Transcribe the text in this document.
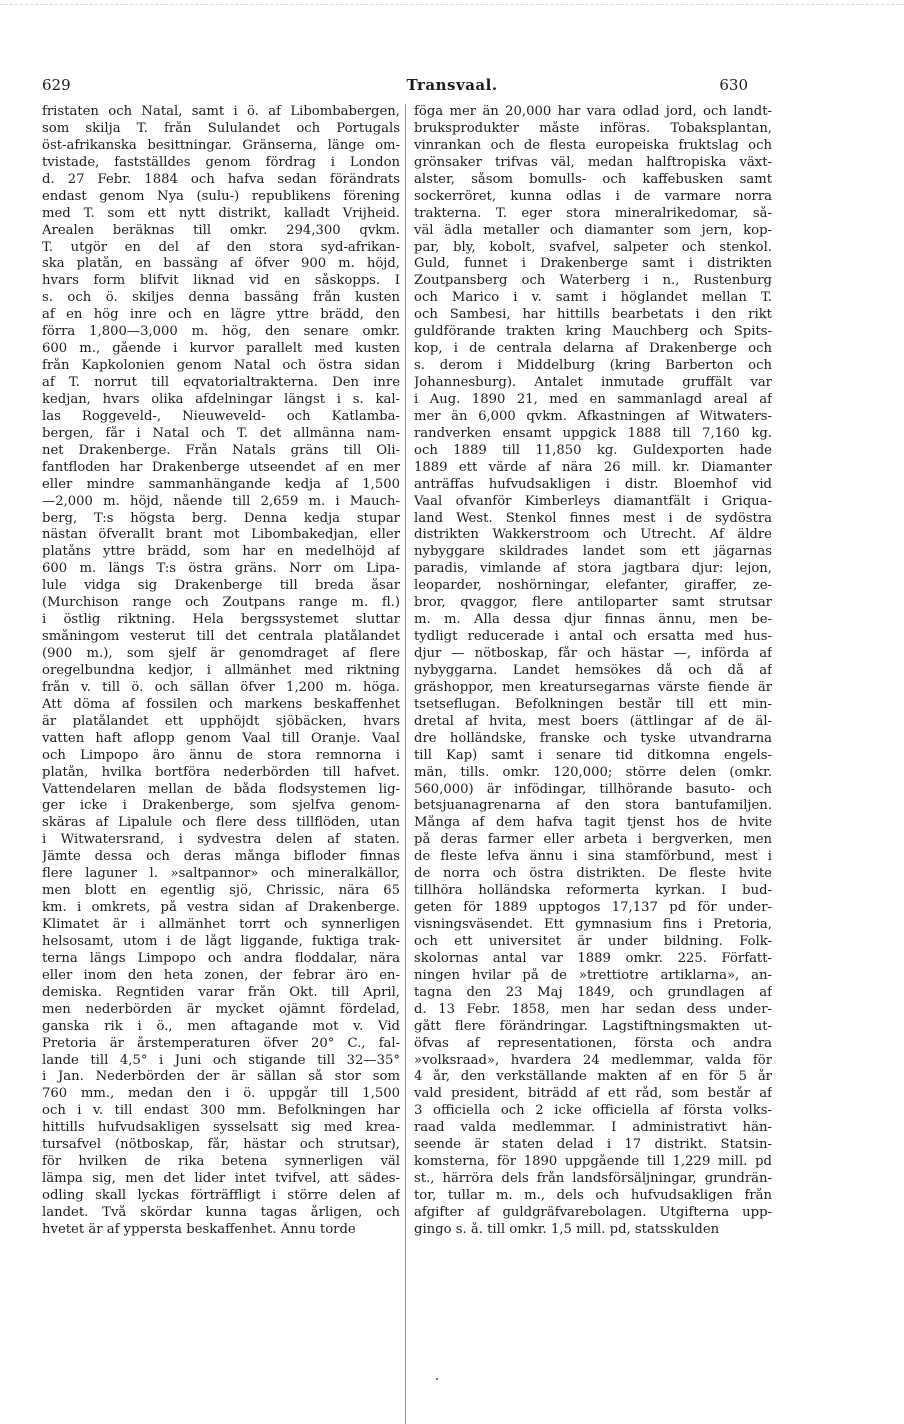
629	Transvaal.	630
fristaten och Natal, samt i ö. af Libombabergen,
som skilja T. från Sululandet och Portugals
öst-afrikanska besittningar. Gränserna, länge om-
tvistade, fastställdes genom fördrag i London
d. 27 Febr. 1884 och hafva sedan förändrats
endast genom Nya (sulu-) republikens förening
med T. som ett nytt distrikt, kalladt Vrijheid.
Arealen beräknas till omkr. 294,300 qvkm.
T. utgör en del af den stora syd-afrikan-
ska platån, en bassäng af öfver 900 m. höjd,
hvars form blifvit liknad vid en såskopps. I
s. och ö. skiljes denna bassäng från kusten
af en hög inre och en lägre yttre brädd, den
förra 1,800—3,000 m. hög, den senare omkr.
600 m., gående i kurvor parallelt med kusten
från Kapkolonien genom Natal och östra sidan
af T. norrut till eqvatorialtrakterna. Den inre
kedjan, hvars olika afdelningar längst i s. kal-
las Roggeveld-, Nieuweveld- och Katlamba-
bergen, får i Natal och T. det allmänna nam-
net Drakenberge. Från Natals gräns till Oli-
fantfloden har Drakenberge utseendet af en mer
eller mindre sammanhängande kedja af 1,500
—2,000 m. höjd, nående till 2,659 m. i Mauch-
berg, T:s högsta berg. Denna kedja stupar
nästan öfverallt brant mot Libombakedjan, eller
platåns yttre brädd, som har en medelhöjd af
600 m. längs T:s östra gräns. Norr om Lipa-
lule vidga sig Drakenberge till breda åsar
(Murchison range och Zoutpans range m. fl.)
i östlig riktning. Hela bergssystemet sluttar
småningom vesterut till det centrala platålandet
(900 m.), som sjelf är genomdraget af flere
oregelbundna kedjor, i allmänhet med riktning
från v. till ö. och sällan öfver 1,200 m. höga.
Att döma af fossilen och markens beskaffenhet
är platålandet ett upphöjdt sjöbäcken, hvars
vatten haft aflopp genom Vaal till Oranje. Vaal
och Limpopo äro ännu de stora remnorna i
platån, hvilka bortföra nederbörden till hafvet.
Vattendelaren mellan de båda flodsystemen lig-
ger icke i Drakenberge, som sjelfva genom-
skäras af Lipalule och flere dess tillflöden, utan
i Witwatersrand, i sydvestra delen af staten.
Jämte dessa och deras många bifloder finnas
flere laguner l. »saltpannor» och mineralkällor,
men blott en egentlig sjö, Chrissic, nära 65
km. i omkrets, på vestra sidan af Drakenberge.
Klimatet är i allmänhet torrt och synnerligen
helsosamt, utom i de lågt liggande, fuktiga trak-
terna längs Limpopo och andra floddalar, nära
eller inom den heta zonen, der febrar äro en-
demiska. Regntiden varar från Okt. till April,
men nederbörden är mycket ojämnt fördelad,
ganska rik i ö., men aftagande mot v. Vid
Pretoria är årstemperaturen öfver 20° C., fal-
lande till 4,5° i Juni och stigande till 32—35°
i Jan. Nederbörden der är sällan så stor som
760 mm., medan den i ö. uppgår till 1,500
och i v. till endast 300 mm. Befolkningen har
hittills hufvudsakligen sysselsatt sig med krea-
tursafvel (nötboskap, får, hästar och strutsar),
för hvilken de rika betena synnerligen väl
lämpa sig, men det lider intet tvifvel, att sädes-
odling skall lyckas förträffligt i större delen af
landet. Två skördar kunna tagas årligen, och
hvetet är af yppersta beskaffenhet. Ännu torde
föga mer än 20,000 har vara odlad jord, och landt-
bruksprodukter måste införas. Tobaksplantan,
vinrankan och de flesta europeiska fruktslag och
grönsaker trifvas väl, medan halftropiska växt-
alster, såsom bomulls- och kaffebusken samt
sockerröret, kunna odlas i de varmare norra
trakterna. T. eger stora mineralrikedomar, så-
väl ädla metaller och diamanter som jern, kop-
par, bly, kobolt, svafvel, salpeter och stenkol.
Guld, funnet i Drakenberge samt i distrikten
Zoutpansberg och Waterberg i n., Rustenburg
och Marico i v. samt i höglandet mellan T.
och Sambesi, har hittills bearbetats i den rikt
guldförande trakten kring Mauchberg och Spits-
kop, i de centrala delarna af Drakenberge och
s. derom i Middelburg (kring Barberton och
Johannesburg). Antalet inmutade gruffält var
i Aug. 1890 21, med en sammanlagd areal af
mer än 6,000 qvkm. Afkastningen af Witwaters-
randverken ensamt uppgick 1888 till 7,160 kg.
och 1889 till 11,850 kg. Guldexporten hade
1889 ett värde af nära 26 mill. kr. Diamanter
anträffas hufvudsakligen i distr. Bloemhof vid
Vaal ofvanför Kimberleys diamantfält i Griqua-
land West. Stenkol finnes mest i de sydöstra
distrikten Wakkerstroom och Utrecht. Af äldre
nybyggare skildrades landet som ett jägarnas
paradis, vimlande af stora jagtbara djur: lejon,
leoparder, noshörningar, elefanter, giraffer, ze-
bror, qvaggor, flere antiloparter samt strutsar
m. m. Alla dessa djur finnas ännu, men be-
tydligt reducerade i antal och ersatta med hus-
djur — nötboskap, får och hästar —, införda af
nybyggarna. Landet hemsökes då och då af
gräshoppor, men kreatursegarnas värste fiende är
tsetseflugan. Befolkningen består till ett min-
dretal af hvita, mest boers (ättlingar af de äl-
dre holländske, franske och tyske utvandrarna
till Kap) samt i senare tid ditkomna engels-
män, tills. omkr. 120,000; större delen (omkr.
560,000) är infödingar, tillhörande basuto- och
betsjuanagrenarna af den stora bantufamiljen.
Många af dem hafva tagit tjenst hos de hvite
på deras farmer eller arbeta i bergverken, men
de fleste lefva ännu i sina stamförbund, mest i
de norra och östra distrikten. De fleste hvite
tillhöra holländska reformerta kyrkan. I bud-
geten för 1889 upptogos 17,137 pd för under-
visningsväsendet. Ett gymnasium fins i Pretoria,
och ett universitet är under bildning. Folk-
skolornas antal var 1889 omkr. 225. Författ-
ningen hvilar på de »trettiotre artiklarna», an-
tagna den 23 Maj 1849, och grundlagen af
d. 13 Febr. 1858, men har sedan dess under-
gått flere förändringar. Lagstiftningsmakten ut-
öfvas af representationen, första och andra
»volksraad», hvardera 24 medlemmar, valda för
4 år, den verkställande makten af en för 5 år
vald president, biträdd af ett råd, som består af
3 officiella och 2 icke officiella af första volks-
raad valda medlemmar. I administrativt hän-
seende är staten delad i 17 distrikt. Statsin-
komsterna, för 1890 uppgående till 1,229 mill. pd
st., härröra dels från landsförsäljningar, grundrän-
tor, tullar m. m., dels och hufvudsakligen från
afgifter af guldgräfvarebolagen. Utgifterna upp-
gingo s. å. till omkr. 1,5 mill. pd, statsskulden
